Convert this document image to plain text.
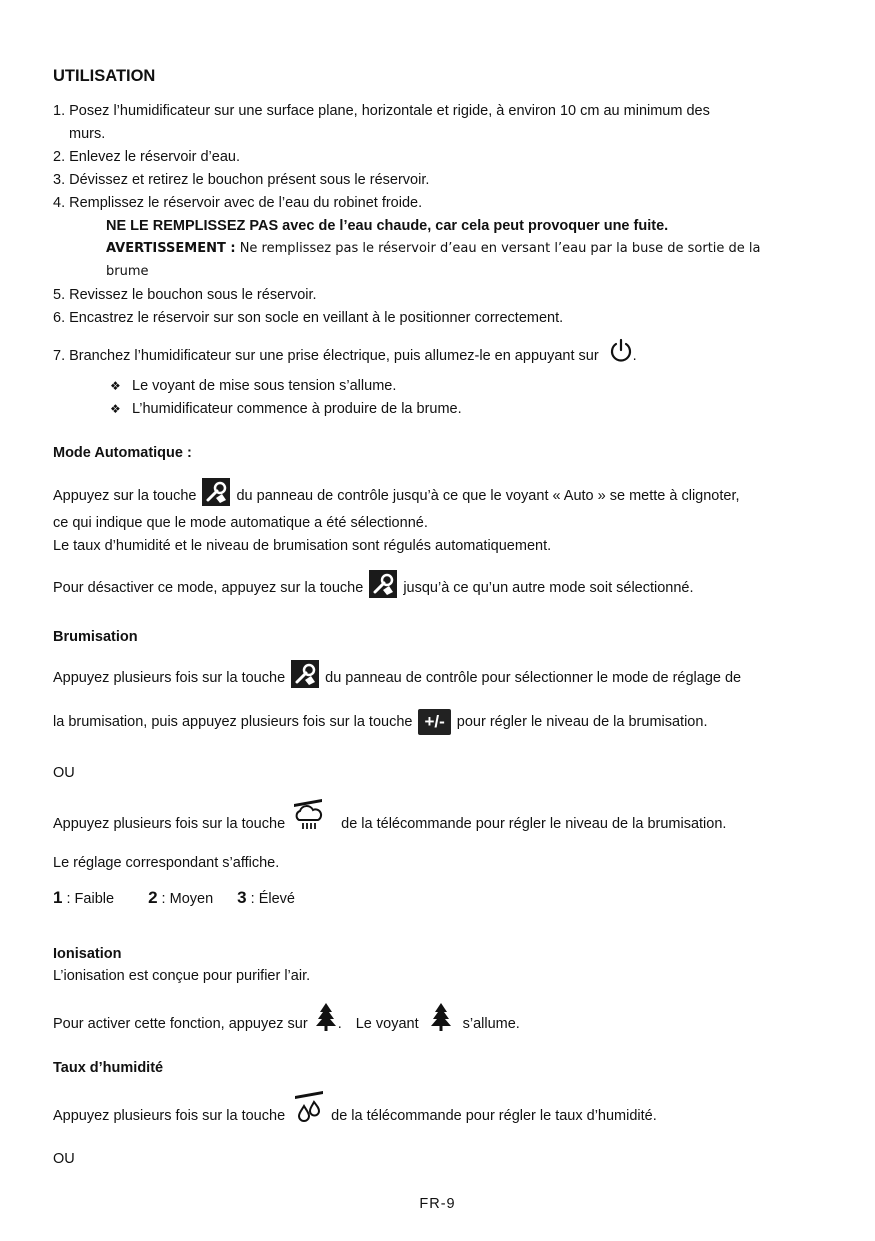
UTILISATION
1. Posez l’humidificateur sur une surface plane, horizontale et rigide, à environ 10 cm au minimum des
murs.
2. Enlevez le réservoir d’eau.
3. Dévissez et retirez le bouchon présent sous le réservoir.
4. Remplissez le réservoir avec de l’eau du robinet froide.
NE LE REMPLISSEZ PAS avec de l’eau chaude, car cela peut provoquer une fuite.
AVERTISSEMENT : Ne remplissez pas le réservoir d’eau en versant l’eau par la buse de sortie de la
brume
5. Revissez le bouchon sous le réservoir.
6. Encastrez le réservoir sur son socle en veillant à le positionner correctement.
7. Branchez l’humidificateur sur une prise électrique, puis allumez-le en appuyant sur .
❖ Le voyant de mise sous tension s’allume.
❖ L’humidificateur commence à produire de la brume.
Mode Automatique :
Appuyez sur la touche	du panneau de contrôle jusqu’à ce que le voyant « Auto » se mette à clignoter,
ce qui indique que le mode automatique a été sélectionné.
Le taux d’humidité et le niveau de brumisation sont régulés automatiquement.
Pour désactiver ce mode, appuyez sur la touche	jusqu’à ce qu’un autre mode soit sélectionné.
Brumisation
Appuyez plusieurs fois sur la touche	du panneau de contrôle pour sélectionner le mode de réglage de
la brumisation, puis appuyez plusieurs fois sur la touche +/- pour régler le niveau de la brumisation.
OU
Appuyez plusieurs fois sur la touche	de la télécommande pour régler le niveau de la brumisation.
Le réglage correspondant s’affiche.
1 : Faible 2 : Moyen 3 : Élevé
Ionisation
L’ionisation est conçue pour purifier l’air.
Pour activer cette fonction, appuyez sur . Le voyant	s’allume.
Taux d’humidité
Appuyez plusieurs fois sur la touche	de la télécommande pour régler le taux d’humidité.
OU
FR-9
